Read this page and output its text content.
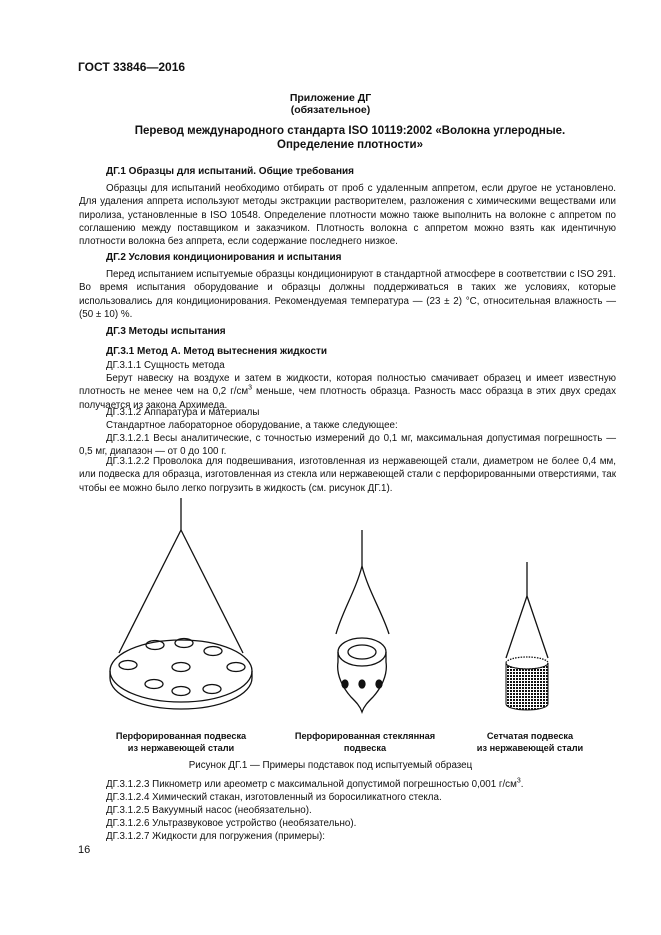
ГОСТ 33846—2016
Приложение ДГ
(обязательное)
Перевод международного стандарта ISO 10119:2002 «Волокна углеродные.
Определение плотности»
ДГ.1 Образцы для испытаний. Общие требования
Образцы для испытаний необходимо отбирать от проб с удаленным аппретом, если другое не установлено. Для удаления аппрета используют методы экстракции растворителем, разложения с химическими веществами или пиролиза, установленные в ISO 10548. Определение плотности можно также выполнить на волокне с аппретом по соглашению между поставщиком и заказчиком. Плотность волокна с аппретом можно взять как идентичную плотности волокна без аппрета, если содержание последнего низкое.
ДГ.2 Условия кондиционирования и испытания
Перед испытанием испытуемые образцы кондиционируют в стандартной атмосфере в соответствии с ISO 291. Во время испытания оборудование и образцы должны поддерживаться в таких же условиях, которые использовались для кондиционирования. Рекомендуемая температура — (23 ± 2) °С, относительная влажность — (50 ± 10) %.
ДГ.3 Методы испытания
ДГ.3.1 Метод А. Метод вытеснения жидкости
ДГ.3.1.1 Сущность метода
Берут навеску на воздухе и затем в жидкости, которая полностью смачивает образец и имеет известную плотность не менее чем на 0,2 $г/см^3$ меньше, чем плотность образца. Разность масс образца в этих двух средах получается из закона Архимеда.
ДГ.3.1.2 Аппаратура и материалы
Стандартное лабораторное оборудование, а также следующее:
ДГ.3.1.2.1 Весы аналитические, с точностью измерений до 0,1 мг, максимальная допустимая погрешность — 0,5 мг, диапазон — от 0 до 100 г.
ДГ.3.1.2.2 Проволока для подвешивания, изготовленная из нержавеющей стали, диаметром не более 0,4 мм, или подвеска для образца, изготовленная из стекла или нержавеющей стали с перфорированными отверстиями, так чтобы ее можно было легко погрузить в жидкость (см. рисунок ДГ.1).
Перфорированная подвеска
из нержавеющей стали
Перфорированная стеклянная
подвеска
Сетчатая подвеска
из нержавеющей стали
Рисунок ДГ.1 — Примеры подставок под испытуемый образец
ДГ.3.1.2.3 Пикнометр или ареометр с максимальной допустимой погрешностью 0,001 $г/см^3$.
ДГ.3.1.2.4 Химический стакан, изготовленный из боросиликатного стекла.
ДГ.3.1.2.5 Вакуумный насос (необязательно).
ДГ.3.1.2.6 Ультразвуковое устройство (необязательно).
ДГ.3.1.2.7 Жидкости для погружения (примеры):
16
